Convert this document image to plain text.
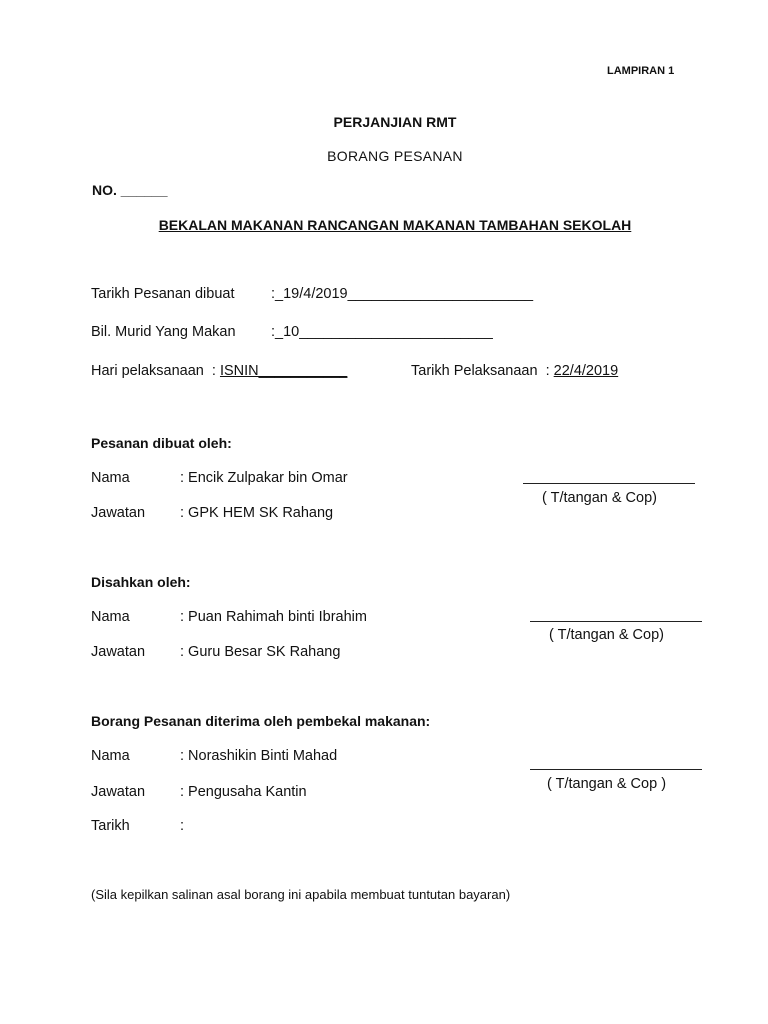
LAMPIRAN 1
PERJANJIAN RMT
BORANG PESANAN
NO. ______
BEKALAN MAKANAN RANCANGAN MAKANAN TAMBAHAN SEKOLAH
Tarikh Pesanan dibuat	:_19/4/2019_______________________
Bil. Murid Yang Makan :_10________________________
Hari pelaksanaan  : ISNIN___________	Tarikh Pelaksanaan  : 22/4/2019
Pesanan dibuat oleh:
Nama	: Encik Zulpakar bin Omar
Jawatan : GPK HEM SK Rahang
( T/tangan & Cop)
Disahkan oleh:
Nama	: Puan Rahimah binti Ibrahim
Jawatan : Guru Besar SK Rahang
( T/tangan & Cop)
Borang Pesanan diterima oleh pembekal makanan:
Nama	: Norashikin Binti Mahad
Jawatan : Pengusaha Kantin
Tarikh	:
( T/tangan & Cop )
(Sila kepilkan salinan asal borang ini apabila membuat tuntutan bayaran)
